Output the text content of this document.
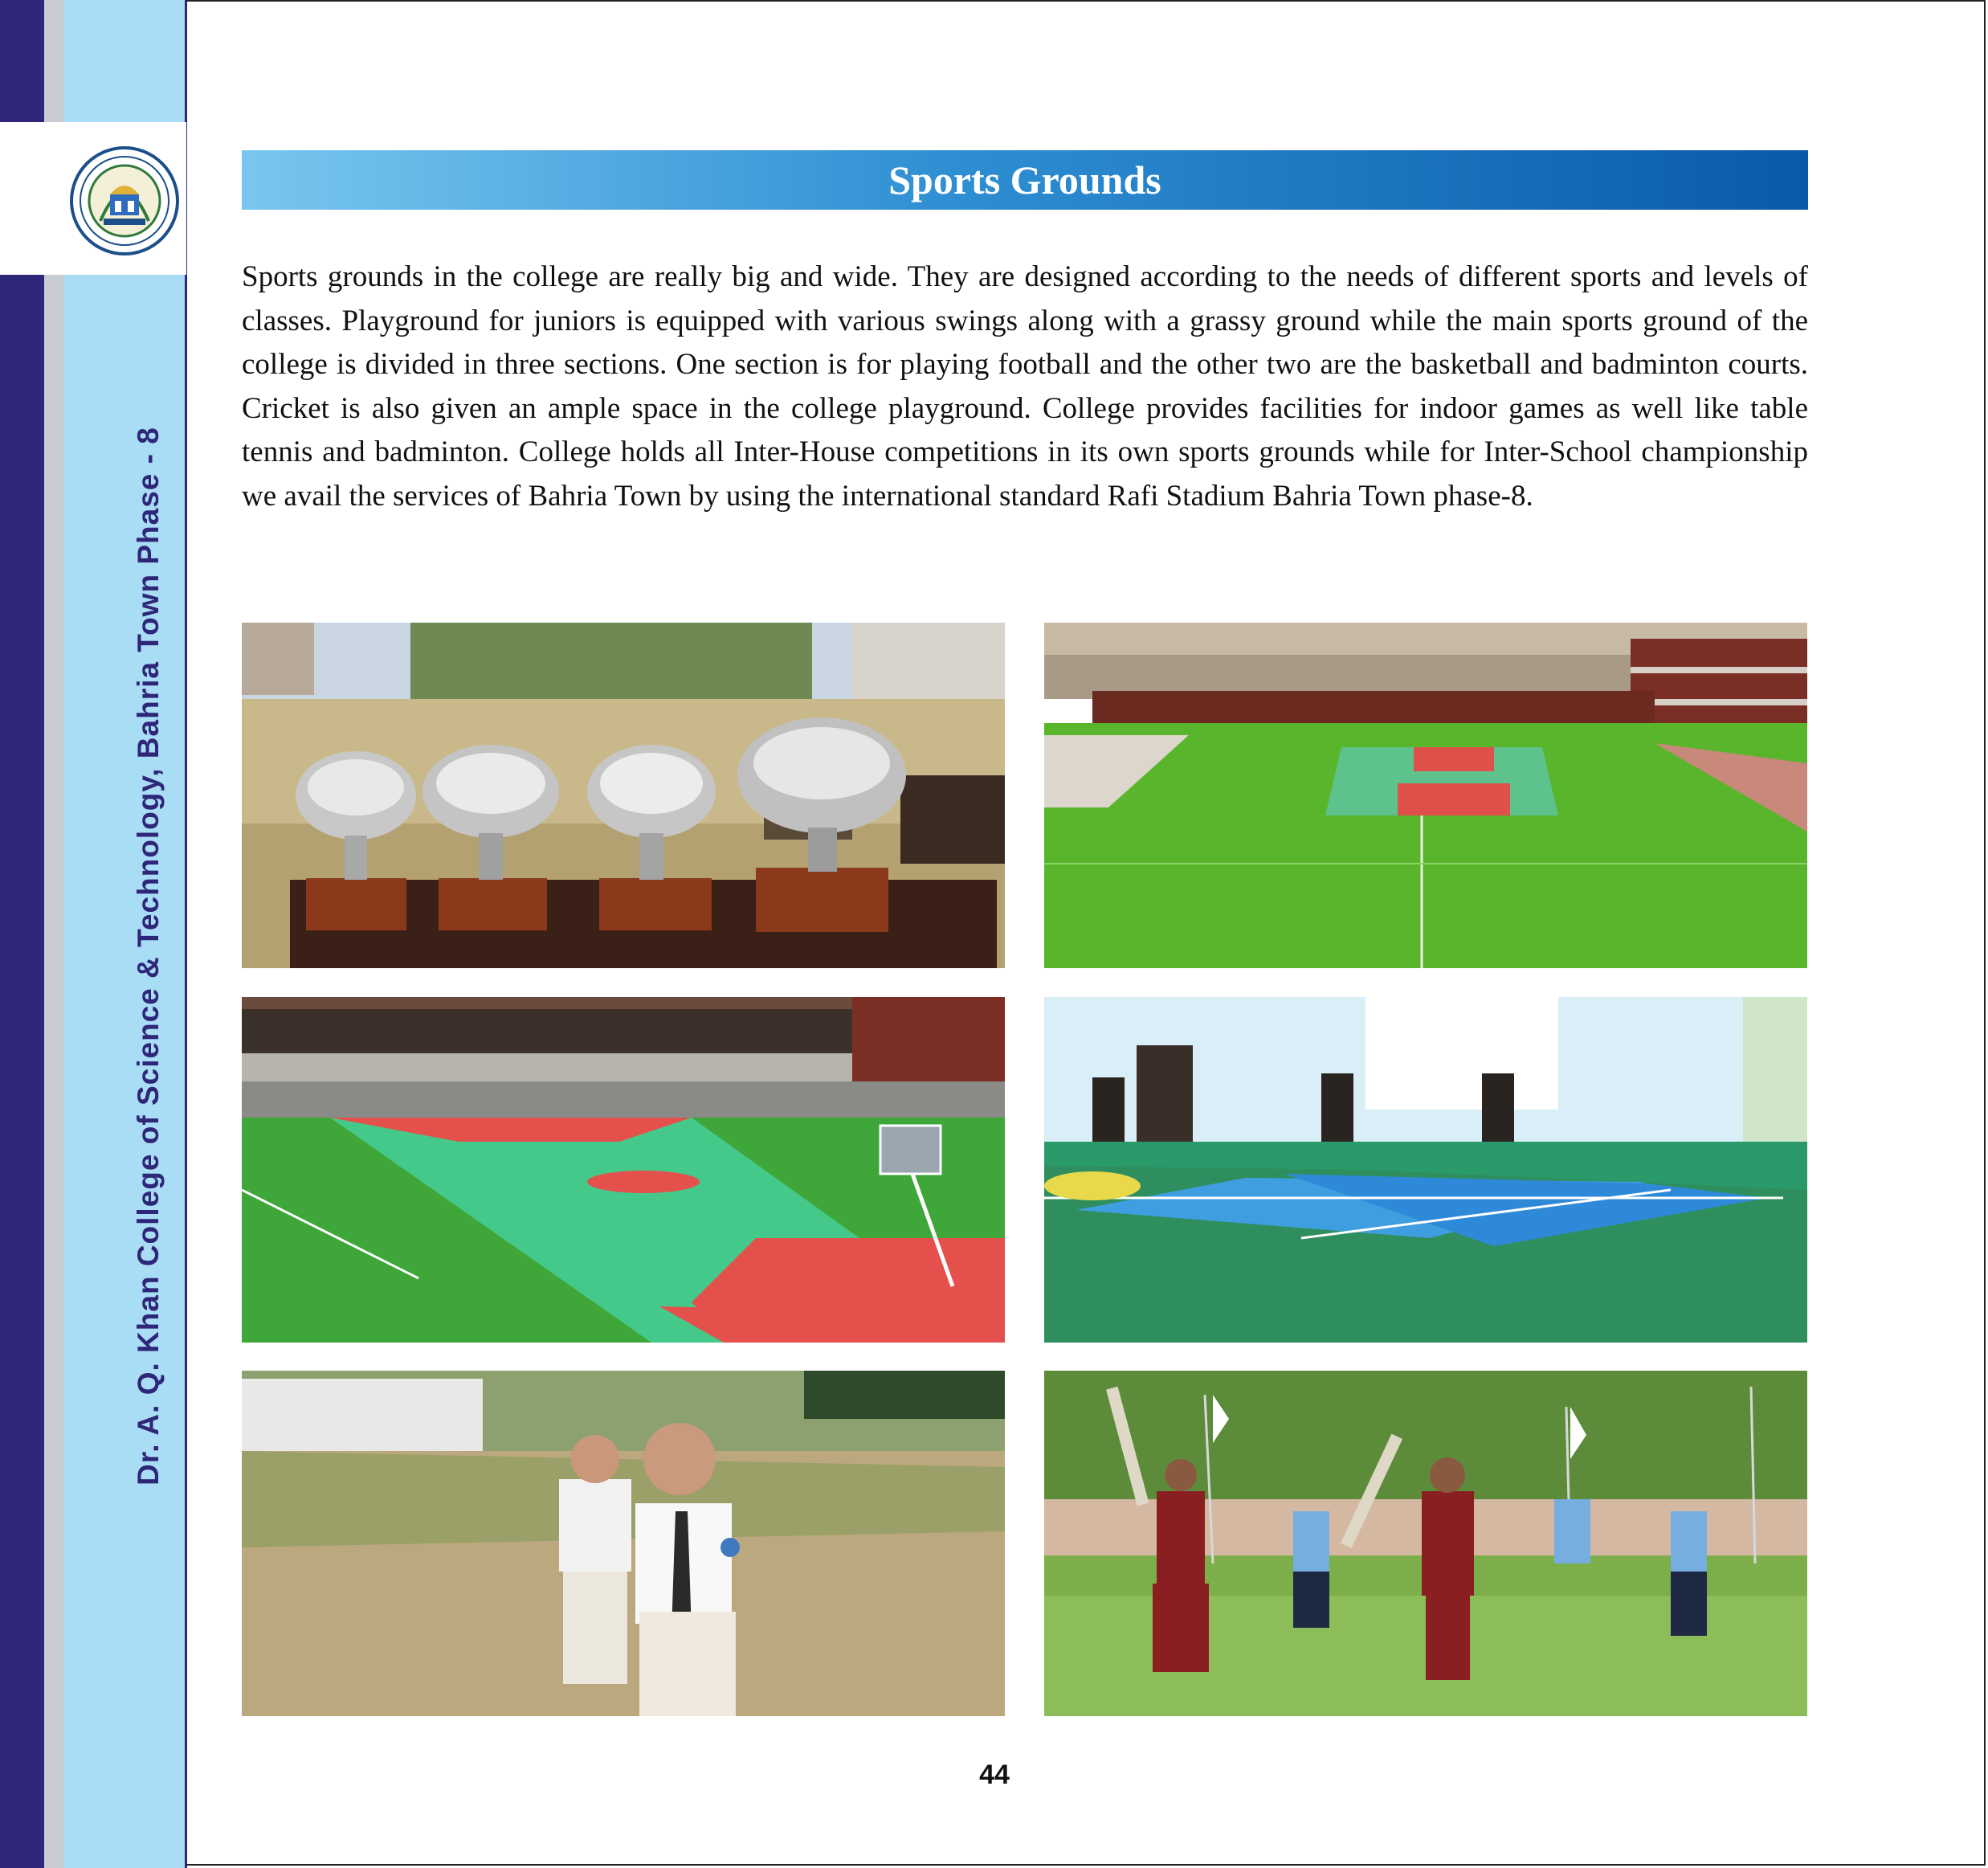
Dr. A. Q. Khan College of Science & Technology, Bahria Town Phase - 8
Sports Grounds
Sports grounds in the college are really big and wide. They are designed according to the needs of different sports and levels of classes. Playground for juniors is equipped with various swings along with a grassy ground while the main sports ground of the college is divided in three sections. One section is for playing football and the other two are the basketball and badminton courts. Cricket is also given an ample space in the college playground. College provides facilities for indoor games as well like table tennis and badminton. College holds all Inter-House competitions in its own sports grounds while for Inter-School championship we avail the services of Bahria Town by using the international standard Rafi Stadium Bahria Town phase-8.
44
